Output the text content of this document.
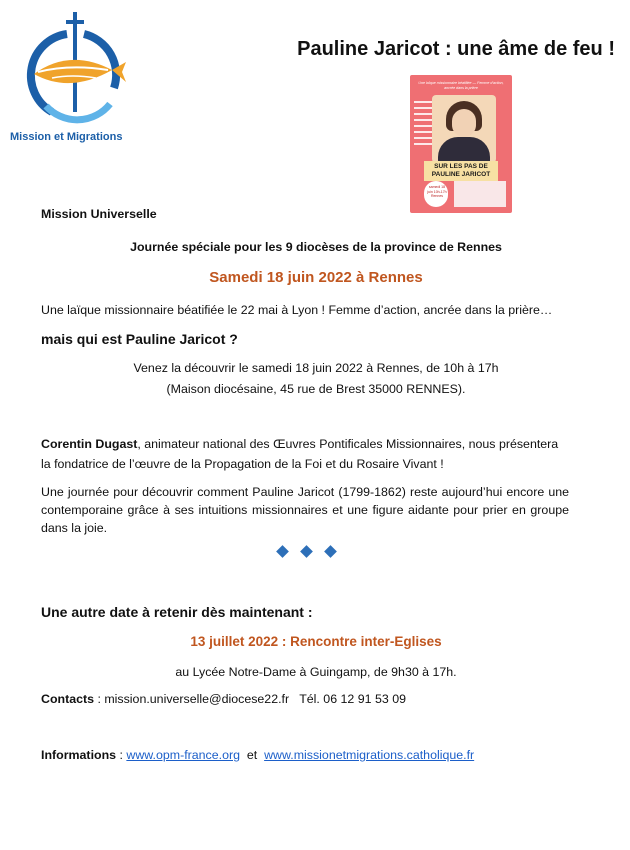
Mission et Migrations
Pauline Jaricot : une âme de feu !
Une laïque missionnaire béatifiée — Femme d'action, ancrée dans la prière
SUR LES PAS DE
PAULINE JARICOT
samedi 18 juin 10h-17h Rennes
Mission Universelle
Journée spéciale pour les 9 diocèses de la province de Rennes
Samedi 18 juin 2022 à Rennes
Une laïque missionnaire béatifiée le 22 mai à Lyon ! Femme d’action, ancrée dans la prière…
mais qui est Pauline Jaricot ?
Venez la découvrir le samedi 18 juin 2022 à Rennes, de 10h à 17h
(Maison diocésaine, 45 rue de Brest 35000 RENNES).
Corentin Dugast, animateur national des Œuvres Pontificales Missionnaires, nous présentera
la fondatrice de l’œuvre de la Propagation de la Foi et du Rosaire Vivant !
Une journée pour découvrir comment Pauline Jaricot (1799-1862) reste aujourd’hui encore une contemporaine grâce à ses intuitions missionnaires et une figure aidante pour prier en groupe dans la joie.
Une autre date à retenir dès maintenant :
13 juillet 2022 : Rencontre inter-Eglises
au Lycée Notre-Dame à Guingamp, de 9h30 à 17h.
Contacts : mission.universelle@diocese22.fr   Tél. 06 12 91 53 09
Informations : www.opm-france.org  et  www.missionetmigrations.catholique.fr
